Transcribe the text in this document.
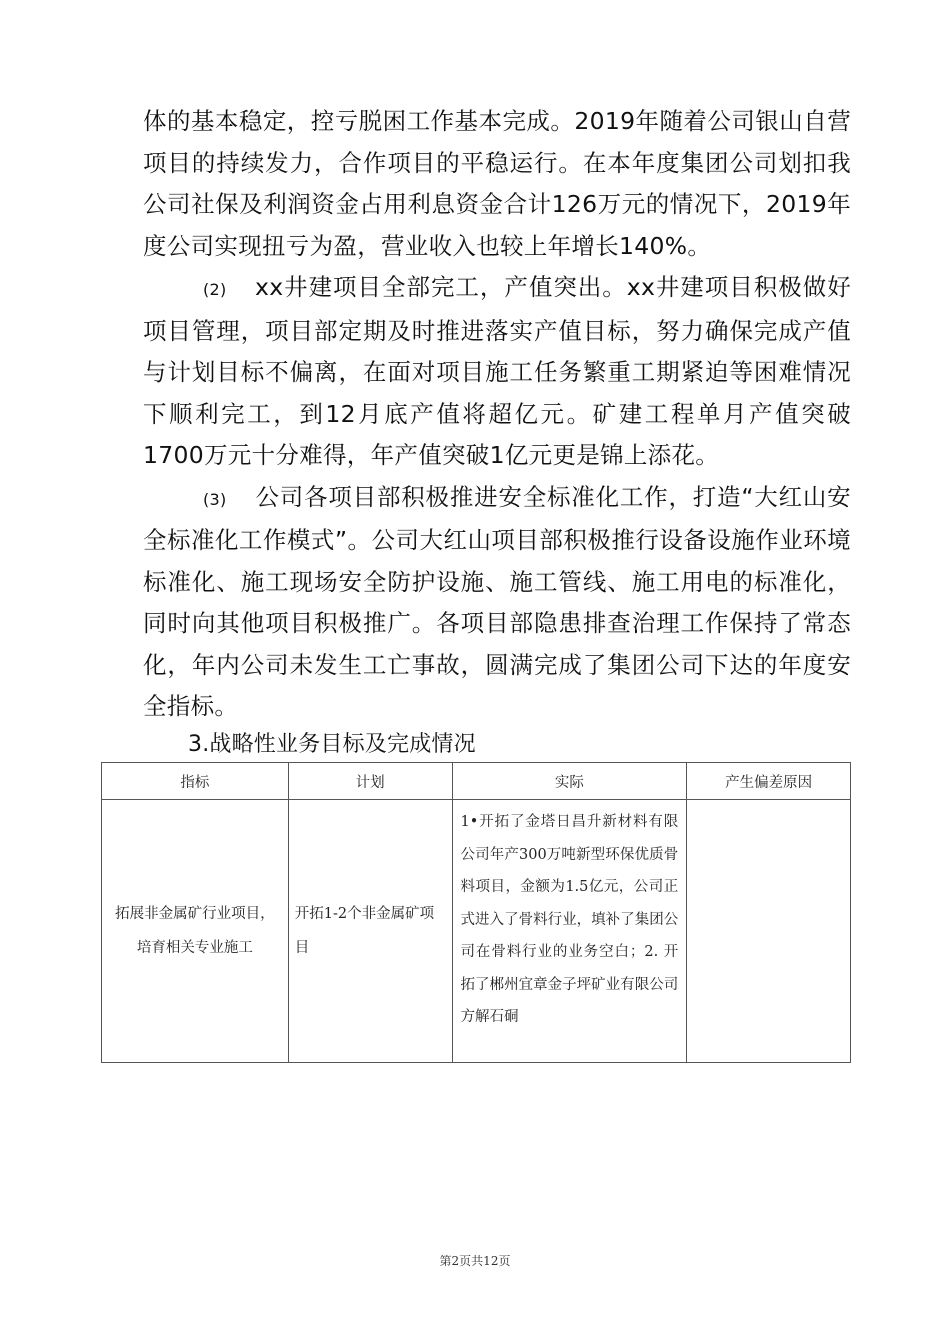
体的基本稳定，控亏脱困工作基本完成。2019年随着公司银山自营项目的持续发力，合作项目的平稳运行。在本年度集团公司划扣我公司社保及利润资金占用利息资金合计126万元的情况下，2019年度公司实现扭亏为盈，营业收入也较上年增长140%。

(2) xx井建项目全部完工，产值突出。xx井建项目积极做好项目管理，项目部定期及时推进落实产值目标，努力确保完成产值与计划目标不偏离，在面对项目施工任务繁重工期紧迫等困难情况下顺利完工，到12月底产值将超亿元。矿建工程单月产值突破1700万元十分难得，年产值突破1亿元更是锦上添花。

(3) 公司各项目部积极推进安全标准化工作，打造“大红山安全标准化工作模式”。公司大红山项目部积极推行设备设施作业环境标准化、施工现场安全防护设施、施工管线、施工用电的标准化，同时向其他项目积极推广。各项目部隐患排查治理工作保持了常态化，年内公司未发生工亡事故，圆满完成了集团公司下达的年度安全指标。

3.战略性业务目标及完成情况
指标	计划	实际	产生偏差原因
拓展非金属矿行业项目，培育相关专业施工	开拓1-2个非金属矿项目	1•开拓了金塔日昌升新材料有限公司年产300万吨新型环保优质骨料项目，金额为1.5亿元，公司正式进入了骨料行业，填补了集团公司在骨料行业的业务空白；2. 开拓了郴州宜章金子坪矿业有限公司方解石硐	
第2页共12页
